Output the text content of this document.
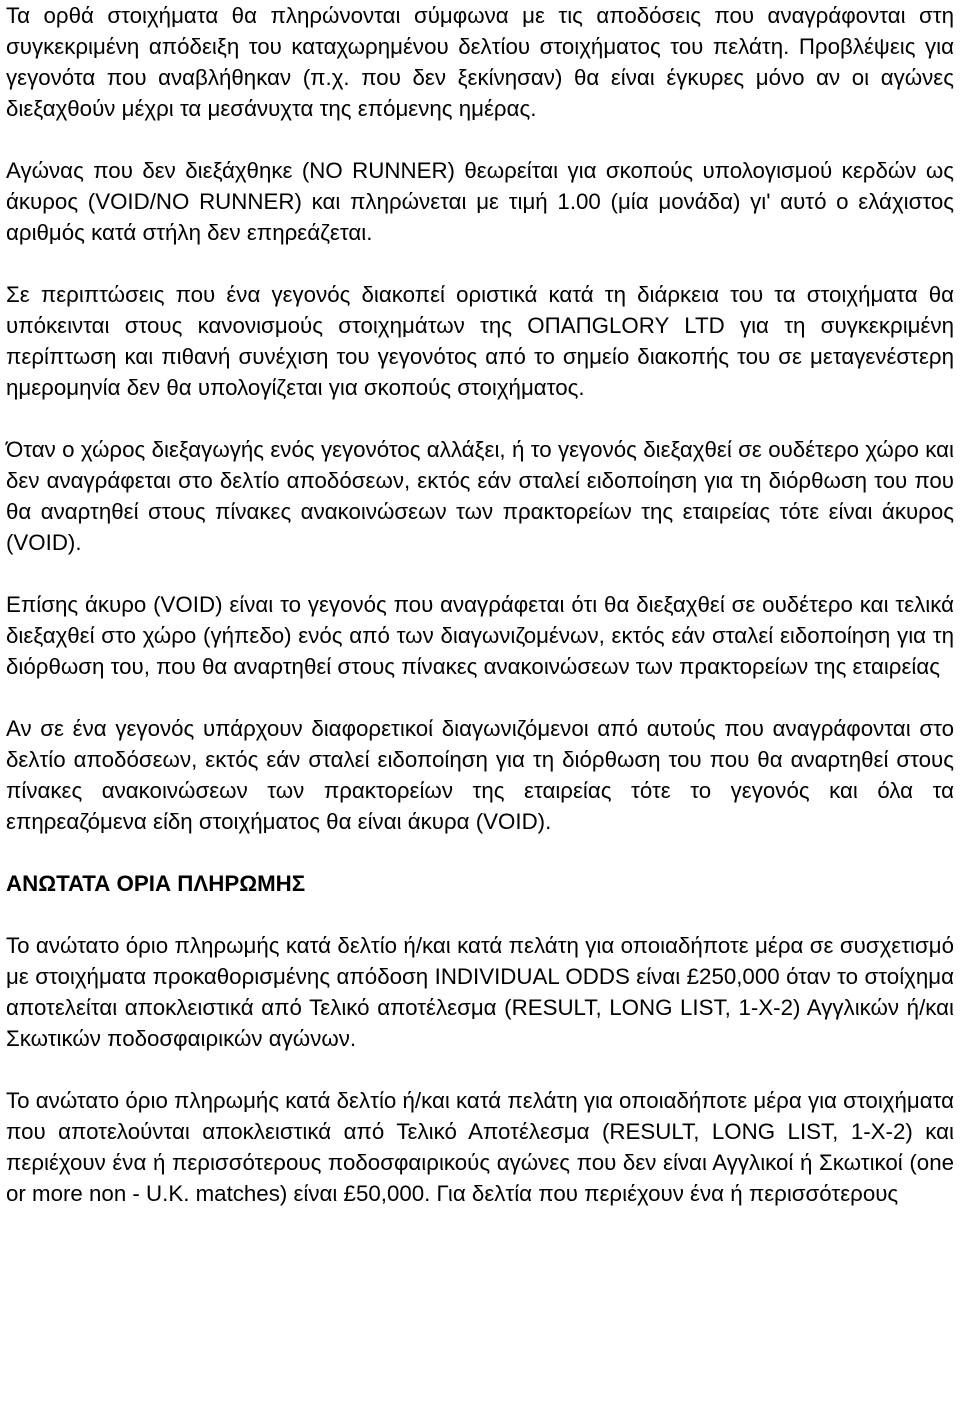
Τα ορθά στοιχήματα θα πληρώνονται σύμφωνα με τις αποδόσεις που αναγράφονται στη συγκεκριμένη απόδειξη του καταχωρημένου δελτίου στοιχήματος του πελάτη. Προβλέψεις για γεγονότα που αναβλήθηκαν (π.χ. που δεν ξεκίνησαν) θα είναι έγκυρες μόνο αν οι αγώνες διεξαχθούν μέχρι τα μεσάνυχτα της επόμενης ημέρας.

Αγώνας που δεν διεξάχθηκε (NO RUNNER) θεωρείται για σκοπούς υπολογισμού κερδών ως άκυρος (VOID/NO RUNNER) και πληρώνεται με τιμή 1.00 (μία μονάδα) γι' αυτό ο ελάχιστος αριθμός κατά στήλη δεν επηρεάζεται.

Σε περιπτώσεις που ένα γεγονός διακοπεί οριστικά κατά τη διάρκεια του τα στοιχήματα θα υπόκεινται στους κανονισμούς στοιχημάτων της ΟΠΑΠGLORY LTD για τη συγκεκριμένη περίπτωση και πιθανή συνέχιση του γεγονότος από το σημείο διακοπής του σε μεταγενέστερη ημερομηνία δεν θα υπολογίζεται για σκοπούς στοιχήματος.

Όταν ο χώρος διεξαγωγής ενός γεγονότος αλλάξει, ή το γεγονός διεξαχθεί σε ουδέτερο χώρο και δεν αναγράφεται στο δελτίο αποδόσεων, εκτός εάν σταλεί ειδοποίηση για τη διόρθωση του που θα αναρτηθεί στους πίνακες ανακοινώσεων των πρακτορείων της εταιρείας τότε είναι άκυρος (VOID).

Επίσης άκυρο (VOID) είναι το γεγονός που αναγράφεται ότι θα διεξαχθεί σε ουδέτερο και τελικά διεξαχθεί στο χώρο (γήπεδο) ενός από των διαγωνιζομένων, εκτός εάν σταλεί ειδοποίηση για τη διόρθωση του, που θα αναρτηθεί στους πίνακες ανακοινώσεων των πρακτορείων της εταιρείας

Αν σε ένα γεγονός υπάρχουν διαφορετικοί διαγωνιζόμενοι από αυτούς που αναγράφονται στο δελτίο αποδόσεων, εκτός εάν σταλεί ειδοποίηση για τη διόρθωση του που θα αναρτηθεί στους πίνακες ανακοινώσεων των πρακτορείων της εταιρείας τότε το γεγονός και όλα τα επηρεαζόμενα είδη στοιχήματος θα είναι άκυρα (VOID).

ΑΝΩΤΑΤΑ ΟΡΙΑ ΠΛΗΡΩΜΗΣ

Το ανώτατο όριο πληρωμής κατά δελτίο ή/και κατά πελάτη για οποιαδήποτε μέρα σε συσχετισμό με στοιχήματα προκαθορισμένης απόδοση INDIVIDUAL ODDS είναι £250,000 όταν το στοίχημα αποτελείται αποκλειστικά από Τελικό αποτέλεσμα (RESULT, LONG LIST, 1-X-2) Αγγλικών ή/και Σκωτικών ποδοσφαιρικών αγώνων.

Το ανώτατο όριο πληρωμής κατά δελτίο ή/και κατά πελάτη για οποιαδήποτε μέρα για στοιχήματα που αποτελούνται αποκλειστικά από Τελικό Αποτέλεσμα (RESULT, LONG LIST, 1-X-2) και περιέχουν ένα ή περισσότερους ποδοσφαιρικούς αγώνες που δεν είναι Αγγλικοί ή Σκωτικοί (one or more non - U.K. matches) είναι £50,000. Για δελτία που περιέχουν ένα ή περισσότερους
